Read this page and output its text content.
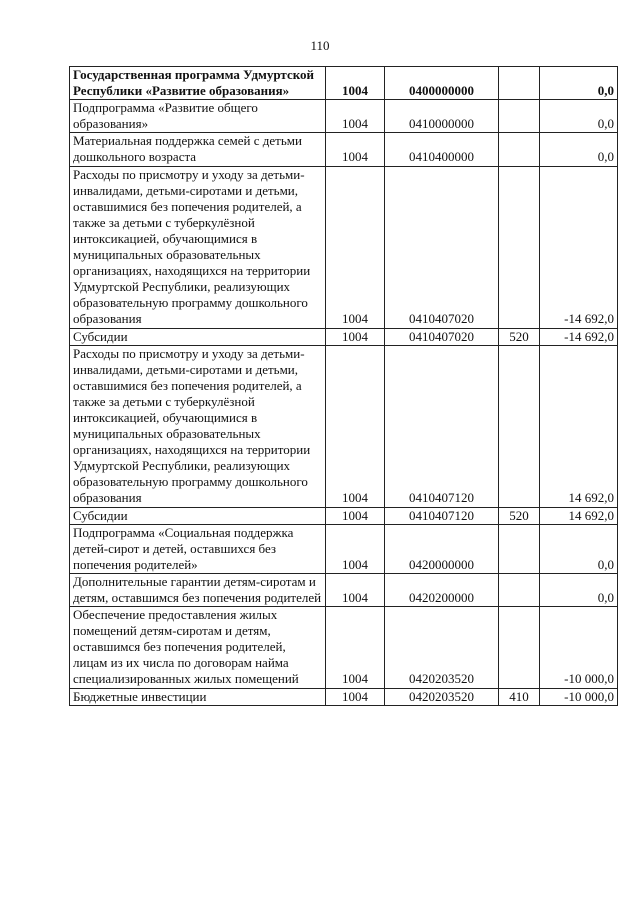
110
Государственная программа Удмуртской Республики «Развитие образования»	1004	0400000000		0,0
Подпрограмма «Развитие общего образования»	1004	0410000000		0,0
Материальная поддержка семей с детьми дошкольного возраста	1004	0410400000		0,0
Расходы по присмотру и уходу за детьми-инвалидами, детьми-сиротами и детьми, оставшимися без попечения родителей, а также за детьми с туберкулёзной интоксикацией, обучающимися в муниципальных образовательных организациях, находящихся на территории Удмуртской Республики, реализующих образовательную программу дошкольного образования	1004	0410407020		-14 692,0
Субсидии	1004	0410407020	520	-14 692,0
Расходы по присмотру и уходу за детьми-инвалидами, детьми-сиротами и детьми, оставшимися без попечения родителей, а также за детьми с туберкулёзной интоксикацией, обучающимися в муниципальных образовательных организациях, находящихся на территории Удмуртской Республики, реализующих образовательную программу дошкольного образования	1004	0410407120		14 692,0
Субсидии	1004	0410407120	520	14 692,0
Подпрограмма «Социальная поддержка детей-сирот и детей, оставшихся без попечения родителей»	1004	0420000000		0,0
Дополнительные гарантии детям-сиротам и детям, оставшимся без попечения родителей	1004	0420200000		0,0
Обеспечение предоставления жилых помещений детям-сиротам и детям, оставшимся без попечения родителей, лицам из их числа по договорам найма специализированных жилых помещений	1004	0420203520		-10 000,0
Бюджетные инвестиции	1004	0420203520	410	-10 000,0
